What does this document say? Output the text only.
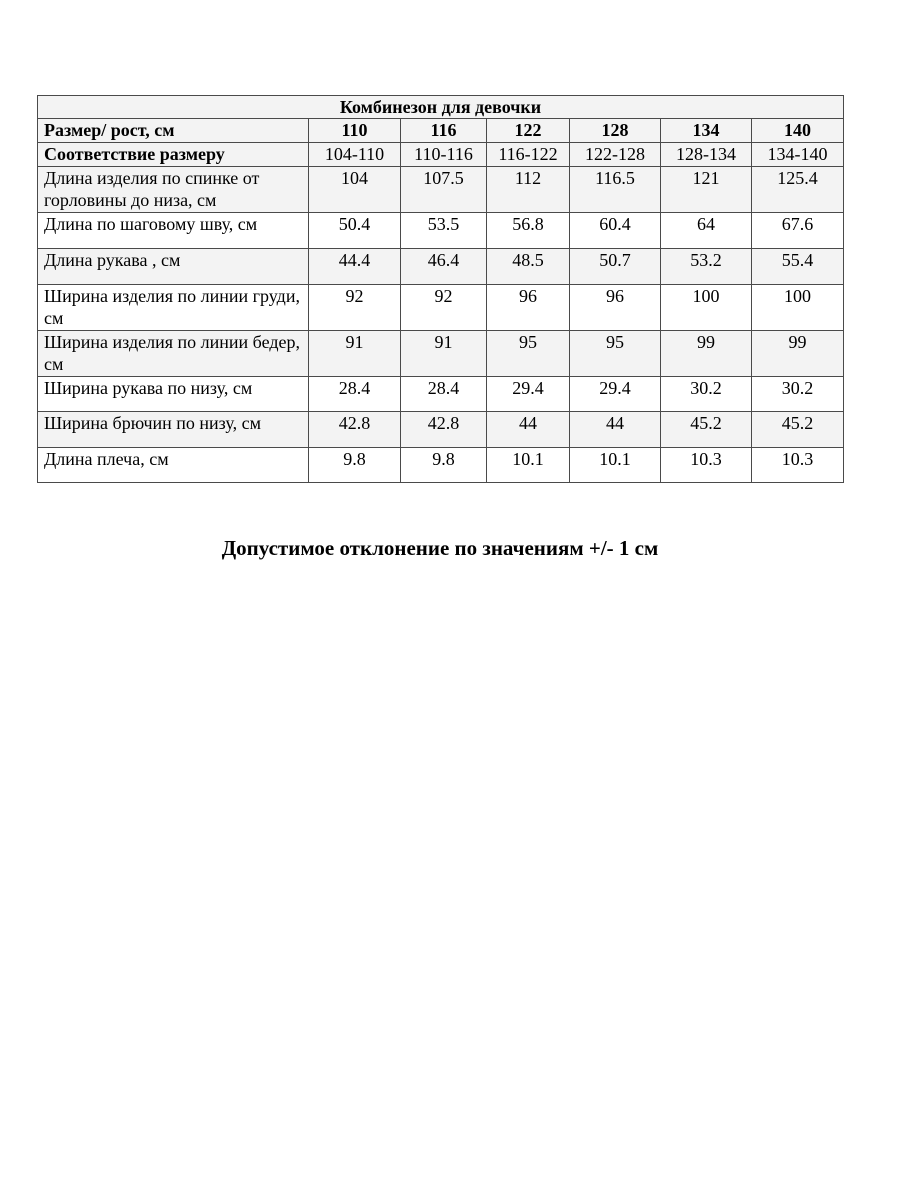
Комбинезон для девочки						
Размер/ рост, см	110	116	122	128	134	140
Соответствие размеру	104-110	110-116	116-122	122-128	128-134	134-140
Длина изделия по спинке от горловины до низа, см	104	107.5	112	116.5	121	125.4
Длина по шаговому шву, см	50.4	53.5	56.8	60.4	64	67.6
Длина рукава , см	44.4	46.4	48.5	50.7	53.2	55.4
Ширина изделия по линии груди, см	92	92	96	96	100	100
Ширина изделия по линии бедер, см	91	91	95	95	99	99
Ширина рукава по низу, см	28.4	28.4	29.4	29.4	30.2	30.2
Ширина брючин по низу, см	42.8	42.8	44	44	45.2	45.2
Длина плеча, см	9.8	9.8	10.1	10.1	10.3	10.3
Допустимое отклонение по значениям +/- 1 см
